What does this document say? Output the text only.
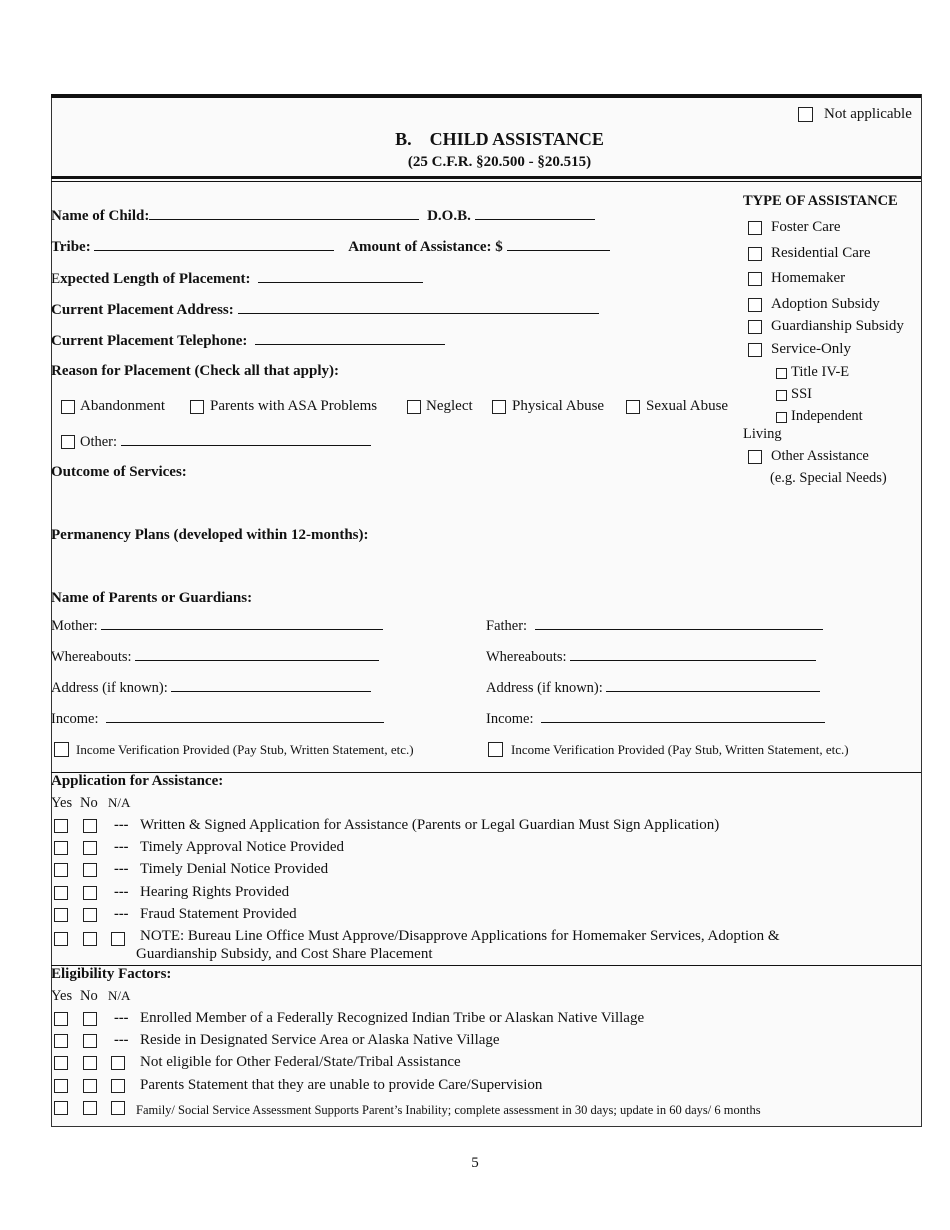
Not applicable
B.    CHILD ASSISTANCE
(25 C.F.R. §20.500 - §20.515)
Name of Child:	D.O.B.
Tribe:	Amount of Assistance: $
Expected Length of Placement:
Current Placement Address:
Current Placement Telephone:
Reason for Placement (Check all that apply):
Abandonment	Parents with ASA Problems	Neglect	Physical Abuse	Sexual Abuse
Other:
Outcome of Services:
Permanency Plans (developed within 12-months):
Name of Parents or Guardians:
TYPE OF ASSISTANCE
Foster Care
Residential Care
Homemaker
Adoption Subsidy
Guardianship Subsidy
Service-Only
Title IV-E
SSI
Independent
Living
Other Assistance
(e.g. Special Needs)
Mother:	Father:
Whereabouts:	Whereabouts:
Address (if known):	Address (if known):
Income:	Income:
Income Verification Provided (Pay Stub, Written Statement, etc.)	Income Verification Provided (Pay Stub, Written Statement, etc.)
Application for Assistance:
Yes No N/A
--- Written & Signed Application for Assistance (Parents or Legal Guardian Must Sign Application)
--- Timely Approval Notice Provided
--- Timely Denial Notice Provided
--- Hearing Rights Provided
--- Fraud Statement Provided
NOTE: Bureau Line Office Must Approve/Disapprove Applications for Homemaker Services, Adoption &
Guardianship Subsidy, and Cost Share Placement
Eligibility Factors:
Yes No N/A
--- Enrolled Member of a Federally Recognized Indian Tribe or Alaskan Native Village
--- Reside in Designated Service Area or Alaska Native Village
Not eligible for Other Federal/State/Tribal Assistance
Parents Statement that they are unable to provide Care/Supervision
Family/ Social Service Assessment Supports Parent’s Inability; complete assessment in 30 days; update in 60 days/ 6 months
5
